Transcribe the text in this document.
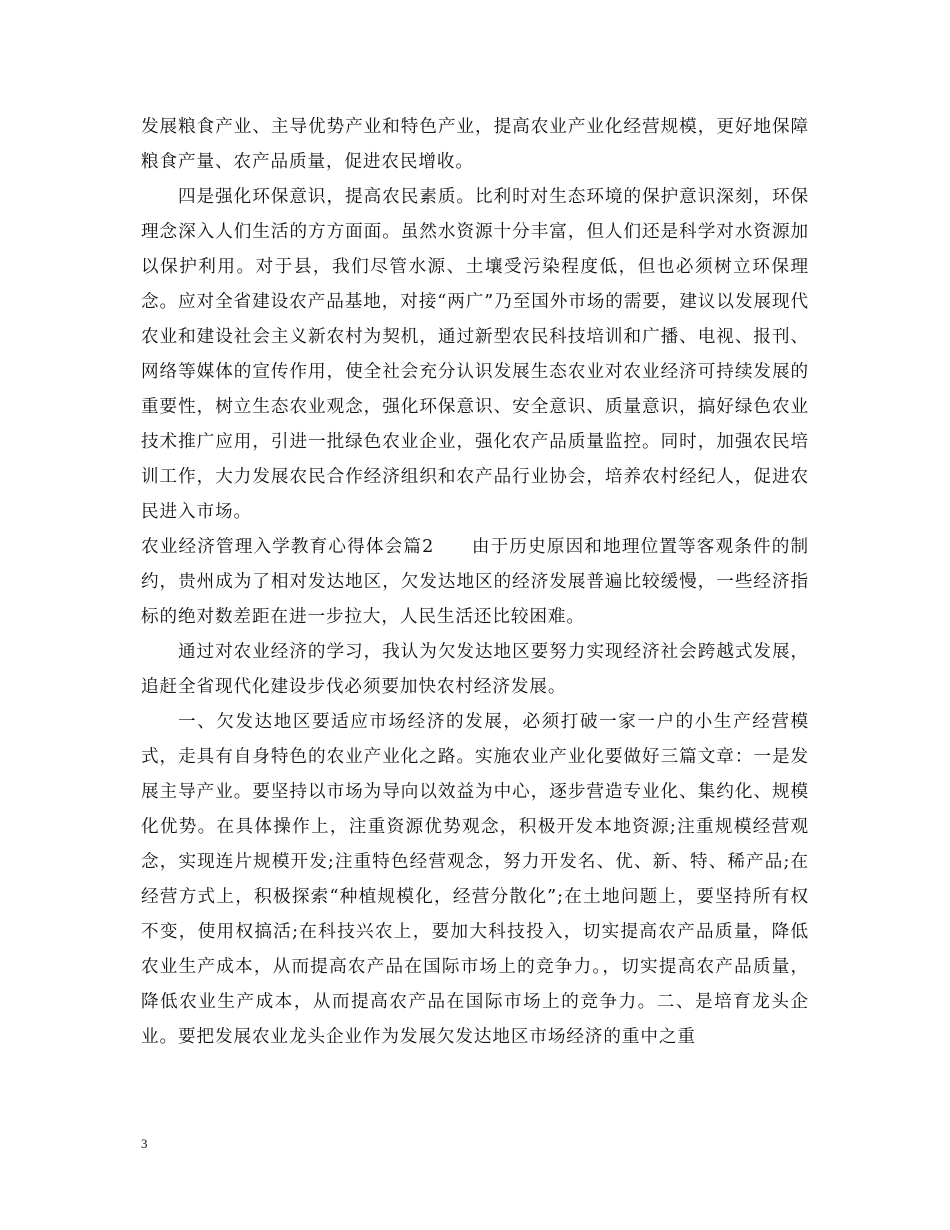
发展粮食产业、主导优势产业和特色产业，提高农业产业化经营规模，更好地保障粮食产量、农产品质量，促进农民增收。

四是强化环保意识，提高农民素质。比利时对生态环境的保护意识深刻，环保理念深入人们生活的方方面面。虽然水资源十分丰富，但人们还是科学对水资源加以保护利用。对于县，我们尽管水源、土壤受污染程度低，但也必须树立环保理念。应对全省建设农产品基地，对接“两广”乃至国外市场的需要，建议以发展现代农业和建设社会主义新农村为契机，通过新型农民科技培训和广播、电视、报刊、网络等媒体的宣传作用，使全社会充分认识发展生态农业对农业经济可持续发展的重要性，树立生态农业观念，强化环保意识、安全意识、质量意识，搞好绿色农业技术推广应用，引进一批绿色农业企业，强化农产品质量监控。同时，加强农民培训工作，大力发展农民合作经济组织和农产品行业协会，培养农村经纪人，促进农民进入市场。

农业经济管理入学教育心得体会篇2　　由于历史原因和地理位置等客观条件的制约，贵州成为了相对发达地区，欠发达地区的经济发展普遍比较缓慢，一些经济指标的绝对数差距在进一步拉大，人民生活还比较困难。

通过对农业经济的学习，我认为欠发达地区要努力实现经济社会跨越式发展，追赶全省现代化建设步伐必须要加快农村经济发展。

一、欠发达地区要适应市场经济的发展，必须打破一家一户的小生产经营模式，走具有自身特色的农业产业化之路。实施农业产业化要做好三篇文章：一是发展主导产业。要坚持以市场为导向以效益为中心，逐步营造专业化、集约化、规模化优势。在具体操作上，注重资源优势观念，积极开发本地资源;注重规模经营观念，实现连片规模开发;注重特色经营观念，努力开发名、优、新、特、稀产品;在经营方式上，积极探索“种植规模化，经营分散化”;在土地问题上，要坚持所有权不变，使用权搞活;在科技兴农上，要加大科技投入，切实提高农产品质量，降低农业生产成本，从而提高农产品在国际市场上的竞争力。，切实提高农产品质量，降低农业生产成本，从而提高农产品在国际市场上的竞争力。二、是培育龙头企业。要把发展农业龙头企业作为发展欠发达地区市场经济的重中之重

3
